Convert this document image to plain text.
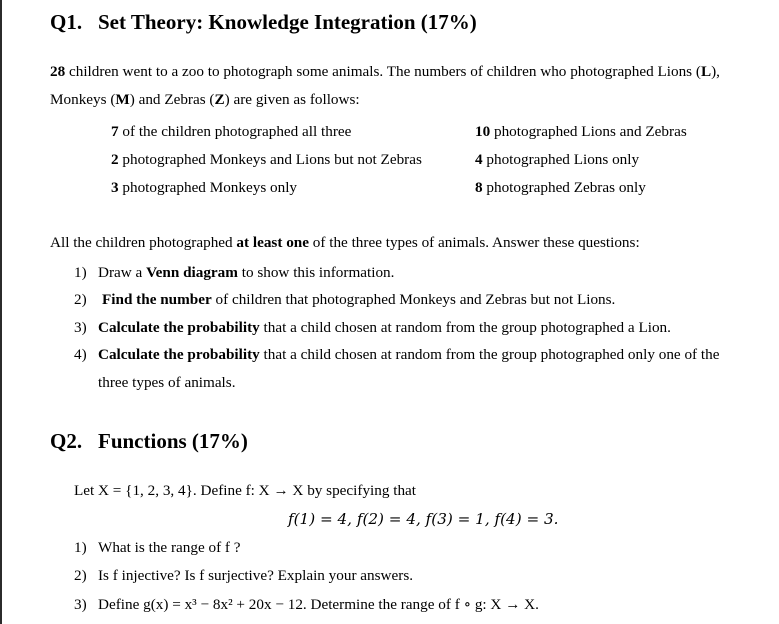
Q1. Set Theory: Knowledge Integration (17%)
28 children went to a zoo to photograph some animals. The numbers of children who photographed Lions (L),
Monkeys (M) and Zebras (Z) are given as follows:
7 of the children photographed all three
2 photographed Monkeys and Lions but not Zebras
3 photographed Monkeys only
10 photographed Lions and Zebras
4 photographed Lions only
8 photographed Zebras only
All the children photographed at least one of the three types of animals. Answer these questions:
1) Draw a Venn diagram to show this information.
2) Find the number of children that photographed Monkeys and Zebras but not Lions.
3) Calculate the probability that a child chosen at random from the group photographed a Lion.
4) Calculate the probability that a child chosen at random from the group photographed only one of the
three types of animals.
Q2. Functions (17%)
Let X = {1, 2, 3, 4}. Define f: X → X by specifying that
f(1) = 4, f(2) = 4, f(3) = 1, f(4) = 3.
1) What is the range of f ?
2) Is f injective? Is f surjective? Explain your answers.
3) Define g(x) = x³ − 8x² + 20x − 12. Determine the range of f ∘ g: X → X.
